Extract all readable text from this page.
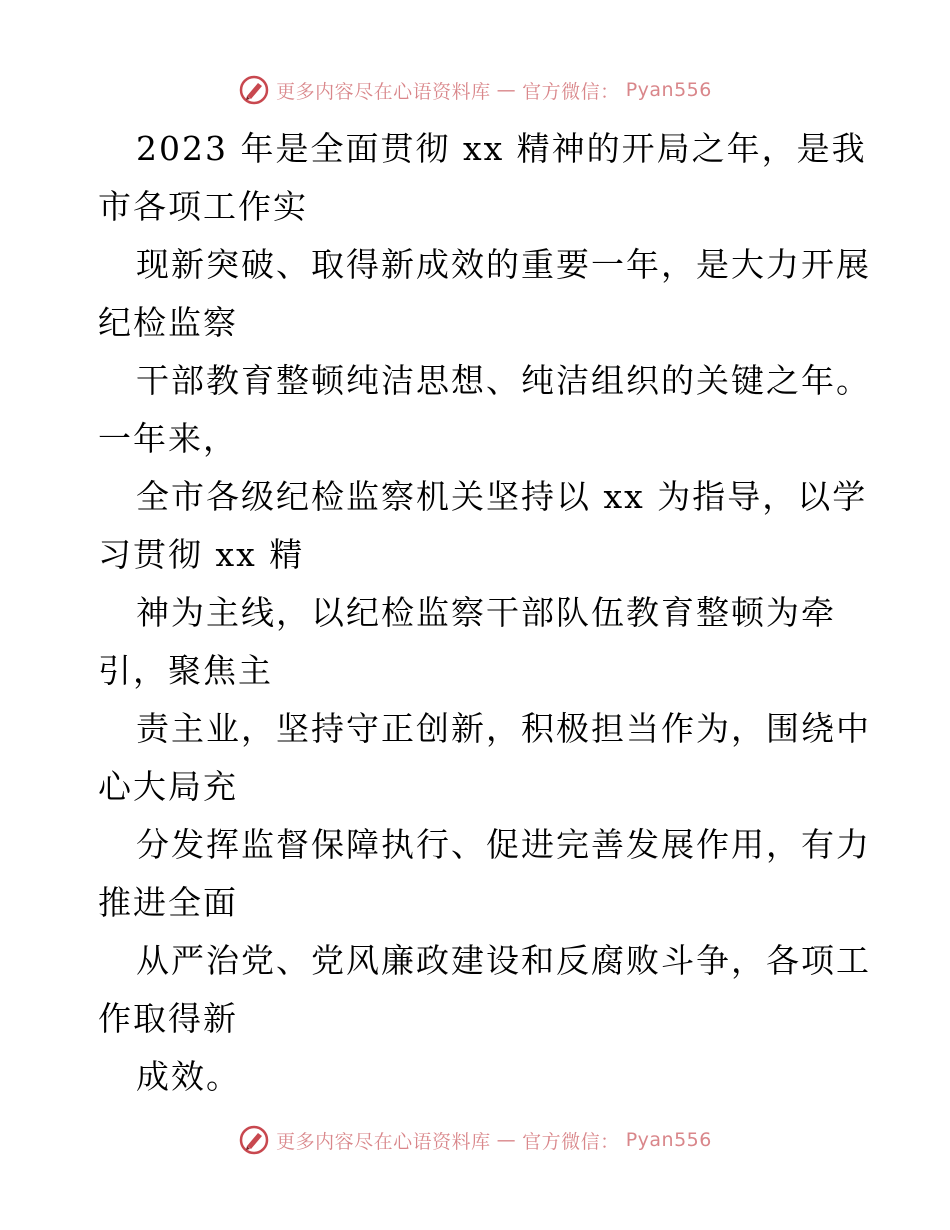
更多内容尽在心语资料库 — 官方微信： Pyan556
2023 年是全面贯彻 xx 精神的开局之年，是我
市各项工作实
现新突破、取得新成效的重要一年，是大力开展
纪检监察
干部教育整顿纯洁思想、纯洁组织的关键之年。
一年来，
全市各级纪检监察机关坚持以 xx 为指导，以学
习贯彻 xx 精
神为主线，以纪检监察干部队伍教育整顿为牵
引，聚焦主
责主业，坚持守正创新，积极担当作为，围绕中
心大局充
分发挥监督保障执行、促进完善发展作用，有力
推进全面
从严治党、党风廉政建设和反腐败斗争，各项工
作取得新
成效。
更多内容尽在心语资料库 — 官方微信： Pyan556
